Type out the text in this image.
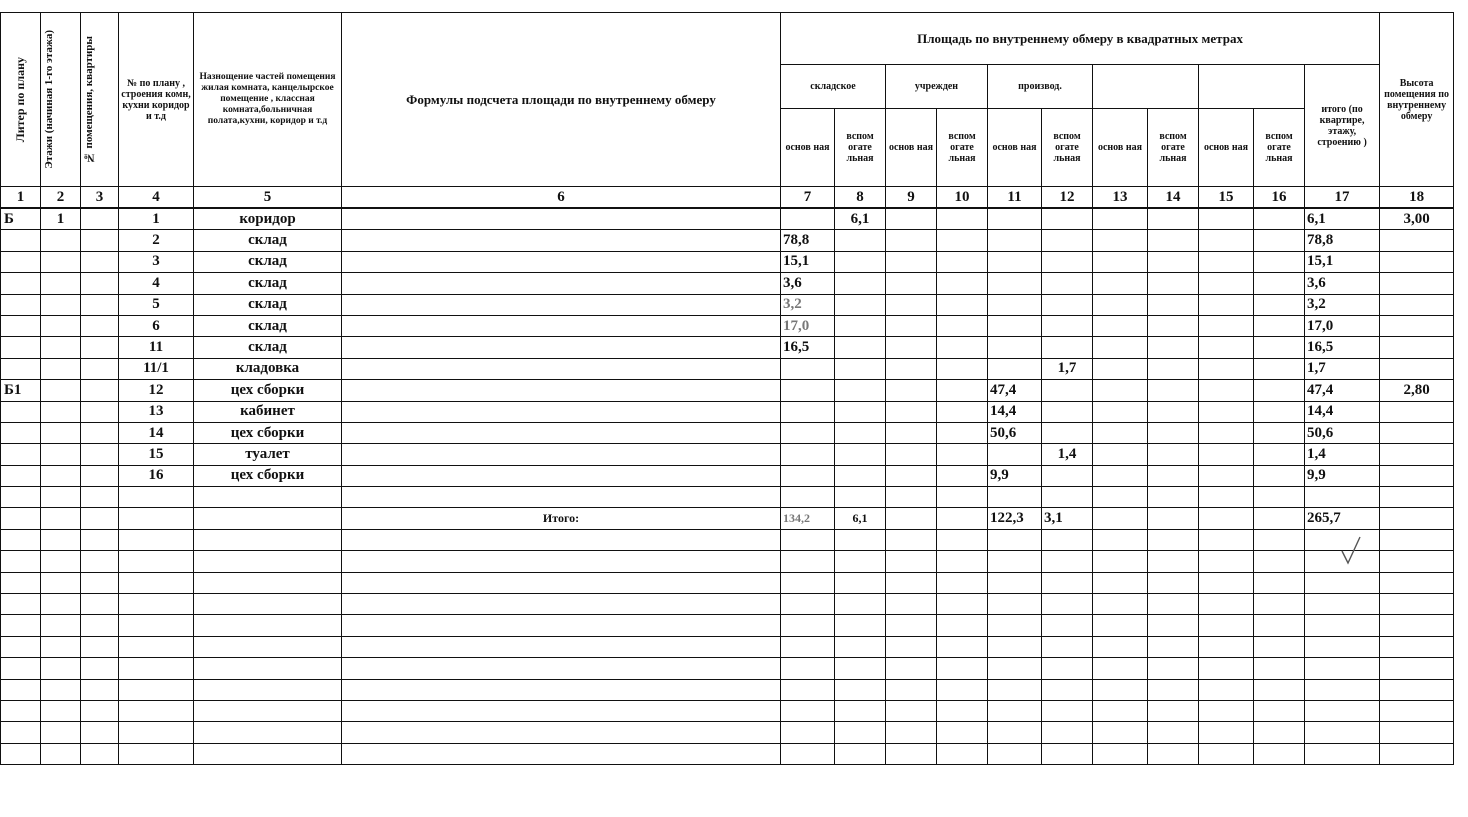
Литер по плану	Этажи (начиная 1-го этажа)	№ помещения, квартиры	№ по плану , строения комн, кухни коридор и т.д	Назнощение частей помещения жилая комната, канцелырское помещение , классная комната,больничная полата,кухни, коридор и т.д	Формулы подсчета площади по внутреннему обмеру	Площадь по внутреннему обмеру в квадратных метрах											Высота помещения по внутреннему обмеру
						складское		учрежден		производ.						итого (по квартире, этажу, строению )	
						основ ная	вспом огате льная	основ ная	вспом огате льная	основ ная	вспом огате льная	основ ная	вспом огате льная	основ ная	вспом огате льная		
1	2	3	4	5	6	7	8	9	10	11	12	13	14	15	16	17	18
Б	1		1	коридор			6,1									6,1	3,00
			2	склад		78,8										78,8	
			3	склад		15,1										15,1	
			4	склад		3,6										3,6	
			5	склад		3,2										3,2	
			6	склад		17,0										17,0	
			11	склад		16,5										16,5	
			11/1	кладовка							1,7					1,7	
Б1			12	цех сборки						47,4						47,4	2,80
			13	кабинет						14,4						14,4	
			14	цех сборки						50,6						50,6	
			15	туалет							1,4					1,4	
			16	цех сборки						9,9						9,9	

					Итого:	134,2	6,1			122,3	3,1					265,7	
